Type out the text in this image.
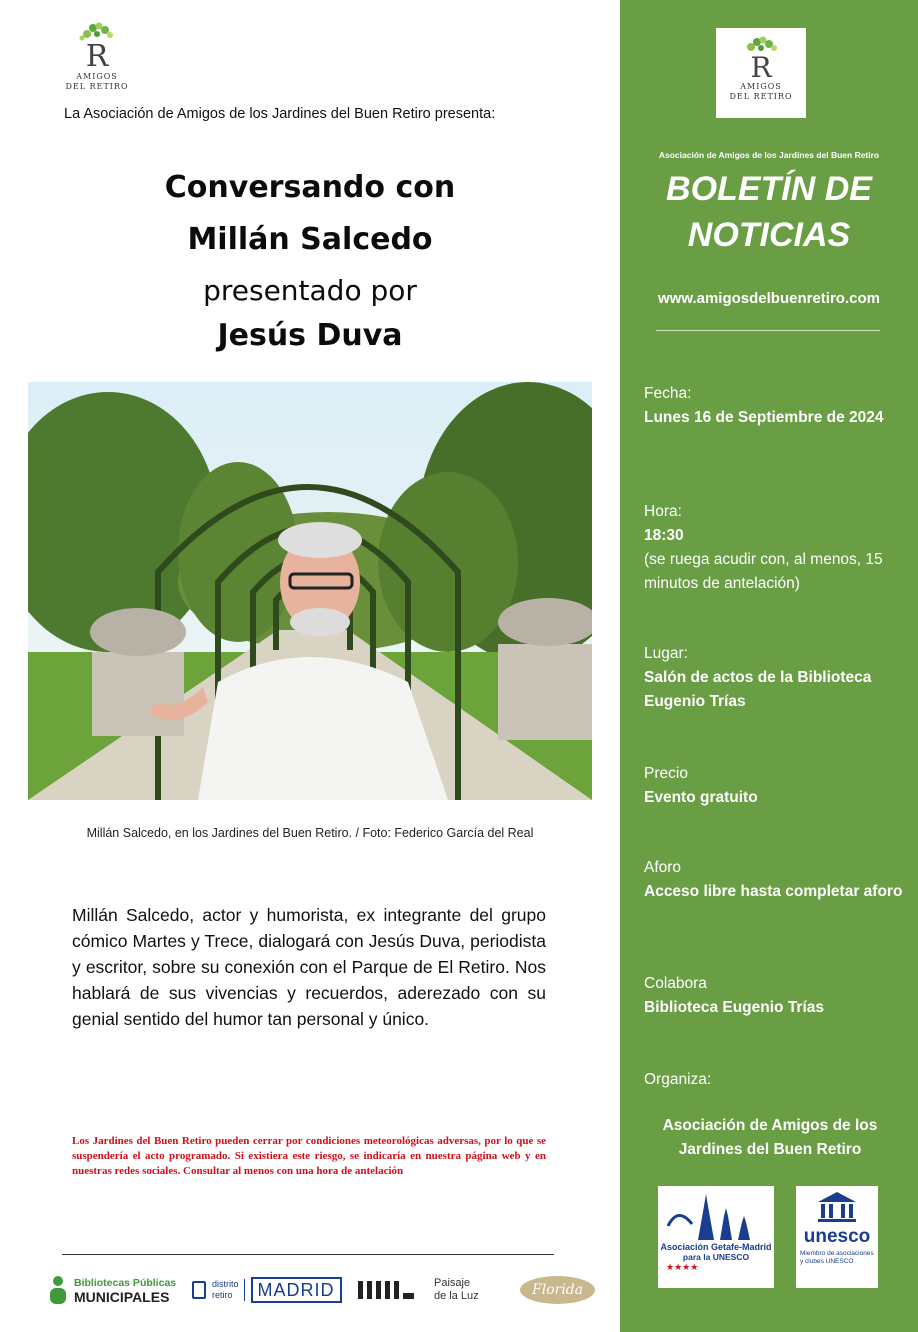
R
AMIGOS
DEL RETIRO
La Asociación de Amigos de los Jardines del Buen Retiro presenta:
Conversando con
Millán Salcedo
presentado por
Jesús Duva
Millán Salcedo, en los Jardines del Buen Retiro. / Foto: Federico García del Real
Millán Salcedo, actor y humorista, ex integrante del grupo cómico Martes y Trece, dialogará con Jesús Duva, periodista y escritor, sobre su conexión con el Parque de El Retiro. Nos hablará de sus vivencias y recuerdos, aderezado con su genial sentido del humor tan personal y único.
Los Jardines del Buen Retiro pueden cerrar por condiciones meteorológicas adversas, por lo que se suspendería el acto programado. Si existiera este riesgo, se indicaría en nuestra página web y en nuestras redes sociales. Consultar al menos con una hora de antelación
Bibliotecas Públicas
MUNICIPALES
distrito
retiro	MADRID	Paisaje
de la Luz	Florida
R
AMIGOS
DEL RETIRO
Asociación de Amigos de los Jardines del Buen Retiro
BOLETÍN DE
NOTICIAS
www.amigosdelbuenretiro.com
Fecha:
Lunes 16 de Septiembre de 2024
Hora:
18:30
(se ruega acudir con, al menos, 15 minutos de antelación)
Lugar:
Salón de actos de la Biblioteca Eugenio Trías
Precio
Evento gratuito
Aforo
Acceso libre hasta completar aforo
Colabora
Biblioteca Eugenio Trías
Organiza:
Asociación de Amigos de los Jardines del Buen Retiro
Asociación Getafe-Madrid
para la UNESCO
★★★★
unesco
Miembro de asociaciones y clubes UNESCO
